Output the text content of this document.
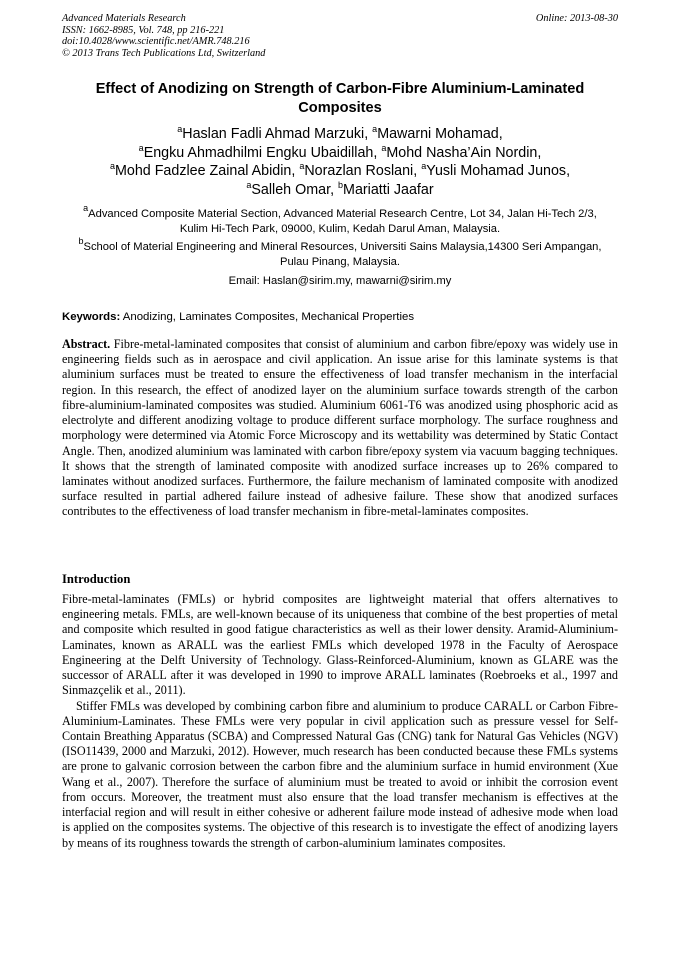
Advanced Materials Research
ISSN: 1662-8985, Vol. 748, pp 216-221
doi:10.4028/www.scientific.net/AMR.748.216
© 2013 Trans Tech Publications Ltd, Switzerland
Online: 2013-08-30
Effect of Anodizing on Strength of Carbon-Fibre Aluminium-Laminated Composites
$^a$Haslan Fadli Ahmad Marzuki, $^a$Mawarni Mohamad,
$^a$Engku Ahmadhilmi Engku Ubaidillah, $^a$Mohd Nasha’Ain Nordin,
$^a$Mohd Fadzlee Zainal Abidin, $^a$Norazlan Roslani, $^a$Yusli Mohamad Junos,
$^a$Salleh Omar, $^b$Mariatti Jaafar
$^a$Advanced Composite Material Section, Advanced Material Research Centre, Lot 34, Jalan Hi-Tech 2/3, Kulim Hi-Tech Park, 09000, Kulim, Kedah Darul Aman, Malaysia.
$^b$School of Material Engineering and Mineral Resources, Universiti Sains Malaysia,14300 Seri Ampangan, Pulau Pinang, Malaysia.
Email: Haslan@sirim.my, mawarni@sirim.my
Keywords: Anodizing, Laminates Composites, Mechanical Properties
Abstract. Fibre-metal-laminated composites that consist of aluminium and carbon fibre/epoxy was widely use in engineering fields such as in aerospace and civil application. An issue arise for this laminate systems is that aluminium surfaces must be treated to ensure the effectiveness of load transfer mechanism in the interfacial region. In this research, the effect of anodized layer on the aluminium surface towards strength of the carbon fibre-aluminium-laminated composites was studied. Aluminium 6061-T6 was anodized using phosphoric acid as electrolyte and different anodizing voltage to produce different surface morphology. The surface roughness and morphology were determined via Atomic Force Microscopy and its wettability was determined by Static Contact Angle. Then, anodized aluminium was laminated with carbon fibre/epoxy system via vacuum bagging techniques. It shows that the strength of laminated composite with anodized surface increases up to 26% compared to laminates without anodized surfaces. Furthermore, the failure mechanism of laminated composite with anodized surface resulted in partial adhered failure instead of adhesive failure. These show that anodized surfaces contributes to the effectiveness of load transfer mechanism in fibre-metal-laminates composites.
Introduction

Fibre-metal-laminates (FMLs) or hybrid composites are lightweight material that offers alternatives to engineering metals. FMLs, are well-known because of its uniqueness that combine of the best properties of metal and composite which resulted in good fatigue characteristics as well as their lower density. Aramid-Aluminium-Laminates, known as ARALL was the earliest FMLs which developed 1978 in the Faculty of Aerospace Engineering at the Delft University of Technology. Glass-Reinforced-Aluminium, known as GLARE was the successor of ARALL after it was developed in 1990 to improve ARALL laminates (Roebroeks et al., 1997 and Sinmazçelik et al., 2011).

Stiffer FMLs was developed by combining carbon fibre and aluminium to produce CARALL or Carbon Fibre-Aluminium-Laminates. These FMLs were very popular in civil application such as pressure vessel for Self-Contain Breathing Apparatus (SCBA) and Compressed Natural Gas (CNG) tank for Natural Gas Vehicles (NGV) (ISO11439, 2000 and Marzuki, 2012). However, much research has been conducted because these FMLs systems are prone to galvanic corrosion between the carbon fibre and the aluminium surface in humid environment (Xue Wang et al., 2007). Therefore the surface of aluminium must be treated to avoid or inhibit the corrosion event from occurs. Moreover, the treatment must also ensure that the load transfer mechanism is effectives at the interfacial region and will result in either cohesive or adherent failure mode instead of adhesive mode when load is applied on the composites systems. The objective of this research is to investigate the effect of anodizing layers by means of its roughness towards the strength of carbon-aluminium laminates composites.
